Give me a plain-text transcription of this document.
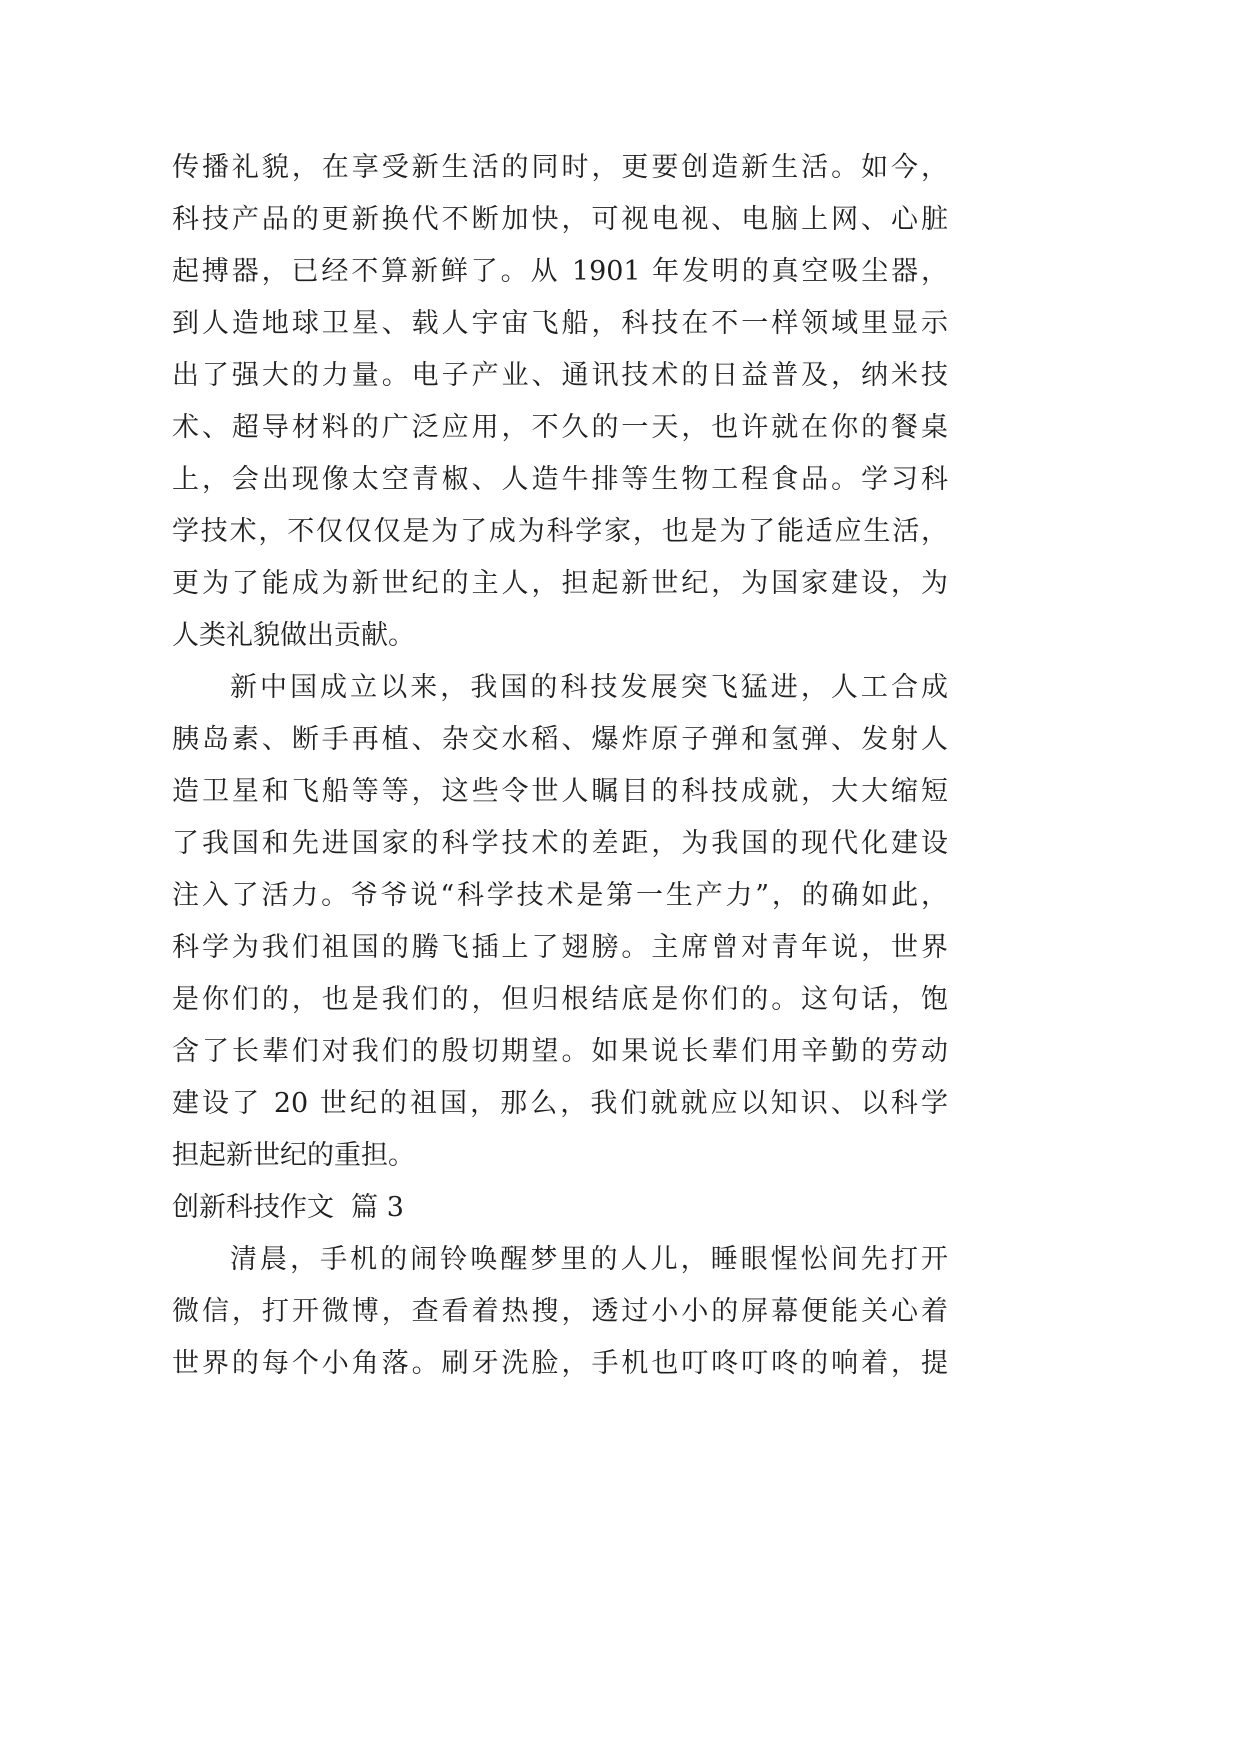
传播礼貌，在享受新生活的同时，更要创造新生活。如今，
科技产品的更新换代不断加快，可视电视、电脑上网、心脏
起搏器，已经不算新鲜了。从 1901 年发明的真空吸尘器，
到人造地球卫星、载人宇宙飞船，科技在不一样领域里显示
出了强大的力量。电子产业、通讯技术的日益普及，纳米技
术、超导材料的广泛应用，不久的一天，也许就在你的餐桌
上，会出现像太空青椒、人造牛排等生物工程食品。学习科
学技术，不仅仅仅是为了成为科学家，也是为了能适应生活，
更为了能成为新世纪的主人，担起新世纪，为国家建设，为
人类礼貌做出贡献。
新中国成立以来，我国的科技发展突飞猛进，人工合成
胰岛素、断手再植、杂交水稻、爆炸原子弹和氢弹、发射人
造卫星和飞船等等，这些令世人瞩目的科技成就，大大缩短
了我国和先进国家的科学技术的差距，为我国的现代化建设
注入了活力。爷爷说“科学技术是第一生产力”，的确如此，
科学为我们祖国的腾飞插上了翅膀。主席曾对青年说，世界
是你们的，也是我们的，但归根结底是你们的。这句话，饱
含了长辈们对我们的殷切期望。如果说长辈们用辛勤的劳动
建设了 20 世纪的祖国，那么，我们就就应以知识、以科学
担起新世纪的重担。
创新科技作文  篇 3
清晨，手机的闹铃唤醒梦里的人儿，睡眼惺忪间先打开
微信，打开微博，查看着热搜，透过小小的屏幕便能关心着
世界的每个小角落。刷牙洗脸，手机也叮咚叮咚的响着，提
